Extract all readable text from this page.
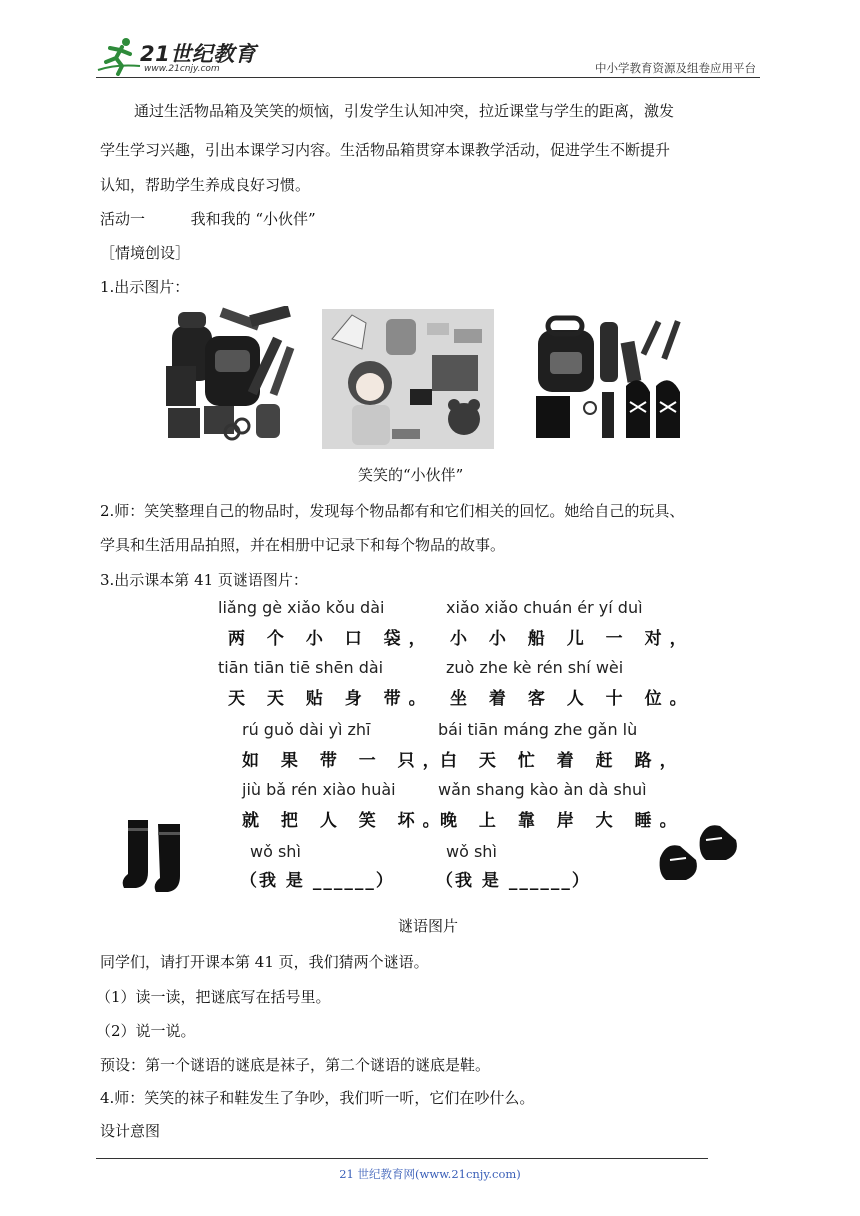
21世纪教育
www.21cnjy.com	中小学教育资源及组卷应用平台
通过生活物品箱及笑笑的烦恼，引发学生认知冲突，拉近课堂与学生的距离，激发
学生学习兴趣，引出本课学习内容。生活物品箱贯穿本课教学活动，促进学生不断提升
认知，帮助学生养成良好习惯。
活动一	我和我的 “小伙伴”
［情境创设］
1.出示图片：
笑笑的“小伙伴”
2.师：笑笑整理自己的物品时，发现每个物品都有和它们相关的回忆。她给自己的玩具、
学具和生活用品拍照，并在相册中记录下和每个物品的故事。
3.出示课本第 41 页谜语图片：
liǎng gè xiǎo kǒu dài
两 个 小 口 袋，
tiān tiān tiē shēn dài
天 天 贴 身 带。
rú guǒ dài yì zhī
如 果 带 一 只，
jiù bǎ rén xiào huài
就 把 人 笑 坏。
wǒ shì
（我 是 ______）
xiǎo xiǎo chuán ér yí duì
小 小 船 儿 一 对，
zuò zhe kè rén shí wèi
坐 着 客 人 十 位。
bái tiān máng zhe gǎn lù
白 天 忙 着 赶 路，
wǎn shang kào àn dà shuì
晚 上 靠 岸 大 睡。
wǒ shì
（我 是 ______）
谜语图片
同学们，请打开课本第 41 页，我们猜两个谜语。
（1）读一读，把谜底写在括号里。
（2）说一说。
预设：第一个谜语的谜底是袜子，第二个谜语的谜底是鞋。
4.师：笑笑的袜子和鞋发生了争吵，我们听一听，它们在吵什么。
设计意图
21 世纪教育网(www.21cnjy.com)
